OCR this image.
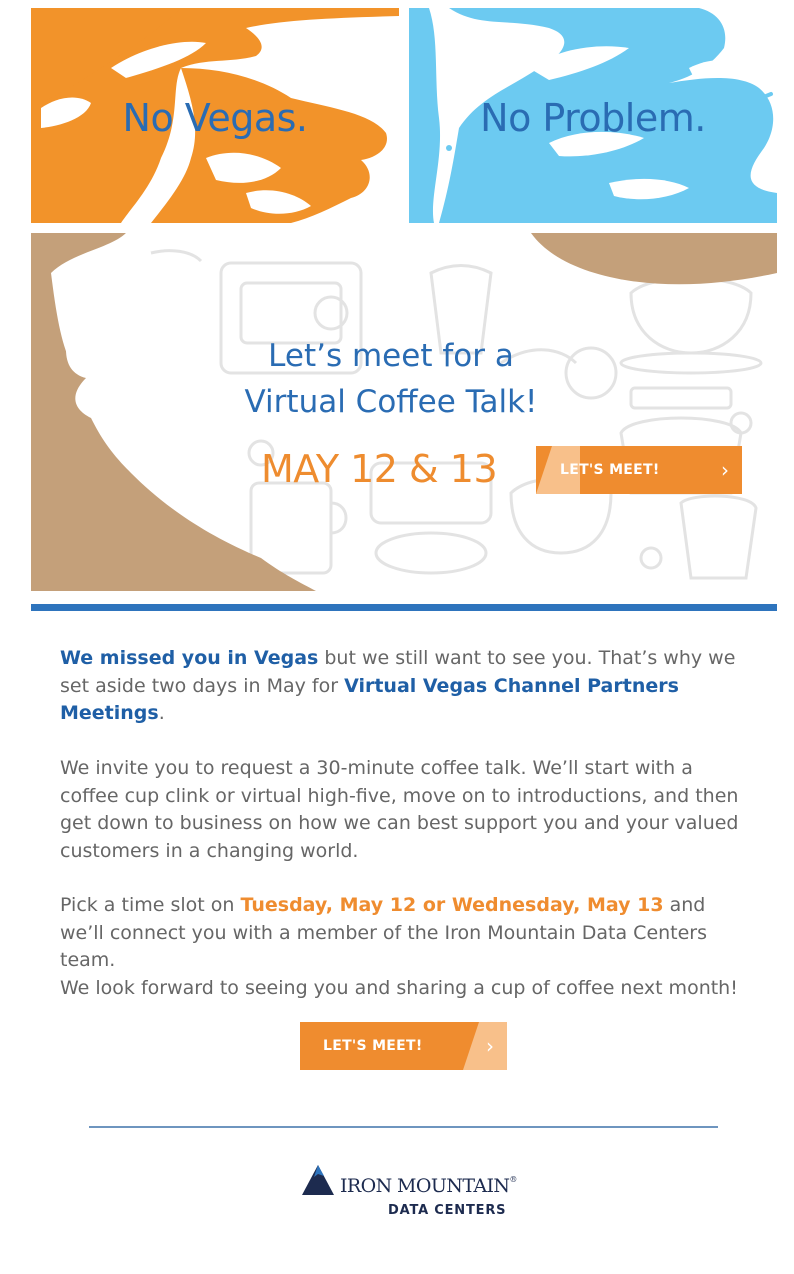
No Vegas.	No Problem.
Let’s meet for a
Virtual Coffee Talk!
MAY 12 & 13	LET'S MEET!	›

We missed you in Vegas but we still want to see you. That’s why we set aside two days in May for Virtual Vegas Channel Partners Meetings.

We invite you to request a 30-minute coffee talk. We’ll start with a coffee cup clink or virtual high-five, move on to introductions, and then get down to business on how we can best support you and your valued customers in a changing world.

Pick a time slot on Tuesday, May 12 or Wednesday, May 13 and we’ll connect you with a member of the Iron Mountain Data Centers team.

We look forward to seeing you and sharing a cup of coffee next month!

LET'S MEET!	›
IRON MOUNTAIN®
DATA CENTERS
